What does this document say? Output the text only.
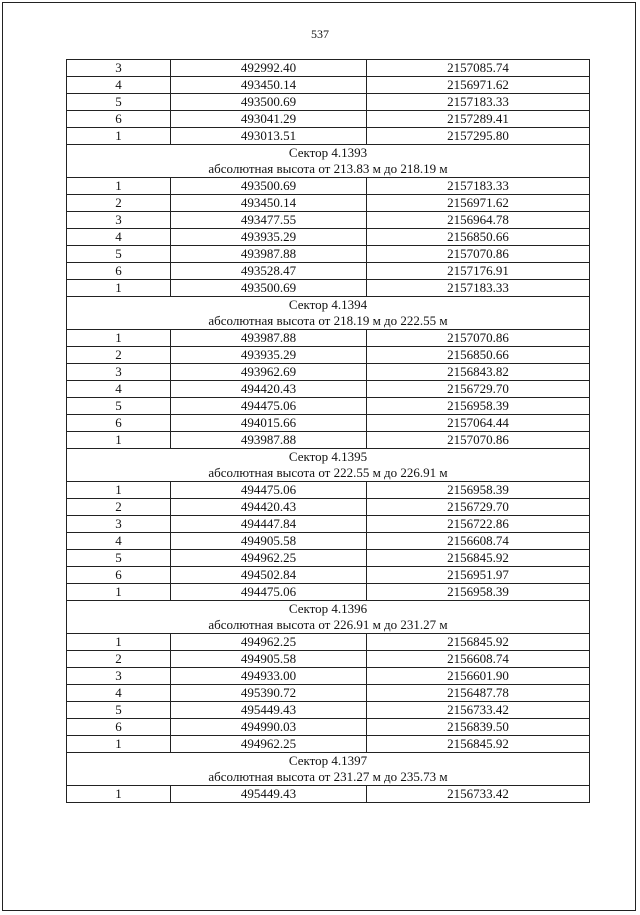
537
3	492992.40	2157085.74
4	493450.14	2156971.62
5	493500.69	2157183.33
6	493041.29	2157289.41
1	493013.51	2157295.80
Сектор 4.1393		
абсолютная высота от 213.83 м до 218.19 м		
1	493500.69	2157183.33
2	493450.14	2156971.62
3	493477.55	2156964.78
4	493935.29	2156850.66
5	493987.88	2157070.86
6	493528.47	2157176.91
1	493500.69	2157183.33
Сектор 4.1394		
абсолютная высота от 218.19 м до 222.55 м		
1	493987.88	2157070.86
2	493935.29	2156850.66
3	493962.69	2156843.82
4	494420.43	2156729.70
5	494475.06	2156958.39
6	494015.66	2157064.44
1	493987.88	2157070.86
Сектор 4.1395		
абсолютная высота от 222.55 м до 226.91 м		
1	494475.06	2156958.39
2	494420.43	2156729.70
3	494447.84	2156722.86
4	494905.58	2156608.74
5	494962.25	2156845.92
6	494502.84	2156951.97
1	494475.06	2156958.39
Сектор 4.1396		
абсолютная высота от 226.91 м до 231.27 м		
1	494962.25	2156845.92
2	494905.58	2156608.74
3	494933.00	2156601.90
4	495390.72	2156487.78
5	495449.43	2156733.42
6	494990.03	2156839.50
1	494962.25	2156845.92
Сектор 4.1397		
абсолютная высота от 231.27 м до 235.73 м		
1	495449.43	2156733.42
